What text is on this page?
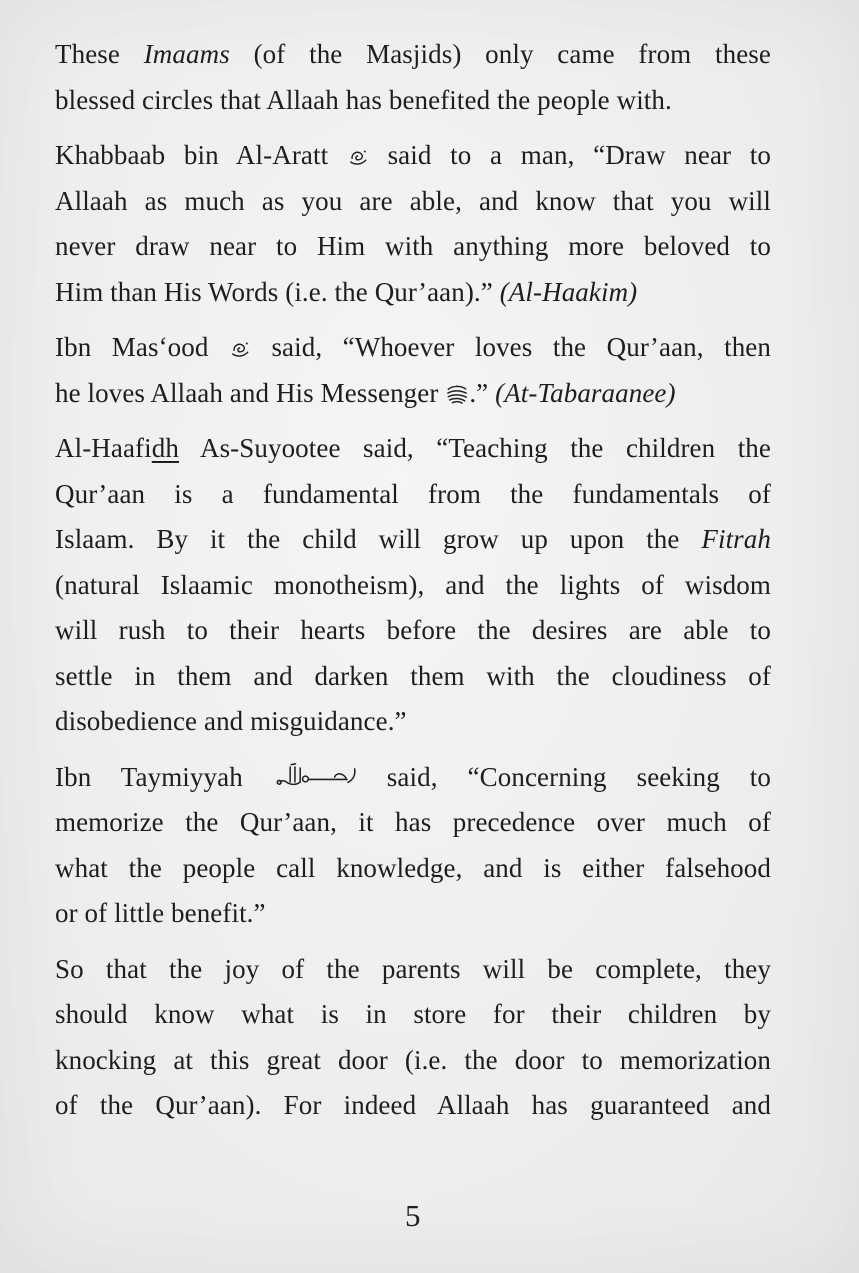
These Imaams (of the Masjids) only came from these
blessed circles that Allaah has benefited the people with.
Khabbaab bin Al-Aratt  said to a man, “Draw near to
Allaah as much as you are able, and know that you will
never draw near to Him with anything more beloved to
Him than His Words (i.e. the Qur’aan).” (Al-Haakim)
Ibn Mas‘ood  said, “Whoever loves the Qur’aan, then
he loves Allaah and His Messenger .” (At-Tabaraanee)
Al-Haafidh As-Suyootee said, “Teaching the children the
Qur’aan is a fundamental from the fundamentals of
Islaam. By it the child will grow up upon the Fitrah
(natural Islaamic monotheism), and the lights of wisdom
will rush to their hearts before the desires are able to
settle in them and darken them with the cloudiness of
disobedience and misguidance.”
Ibn Taymiyyah	said, “Concerning seeking to
memorize the Qur’aan, it has precedence over much of
what the people call knowledge, and is either falsehood
or of little benefit.”
So that the joy of the parents will be complete, they
should know what is in store for their children by
knocking at this great door (i.e. the door to memorization
of the Qur’aan). For indeed Allaah has guaranteed and
5
